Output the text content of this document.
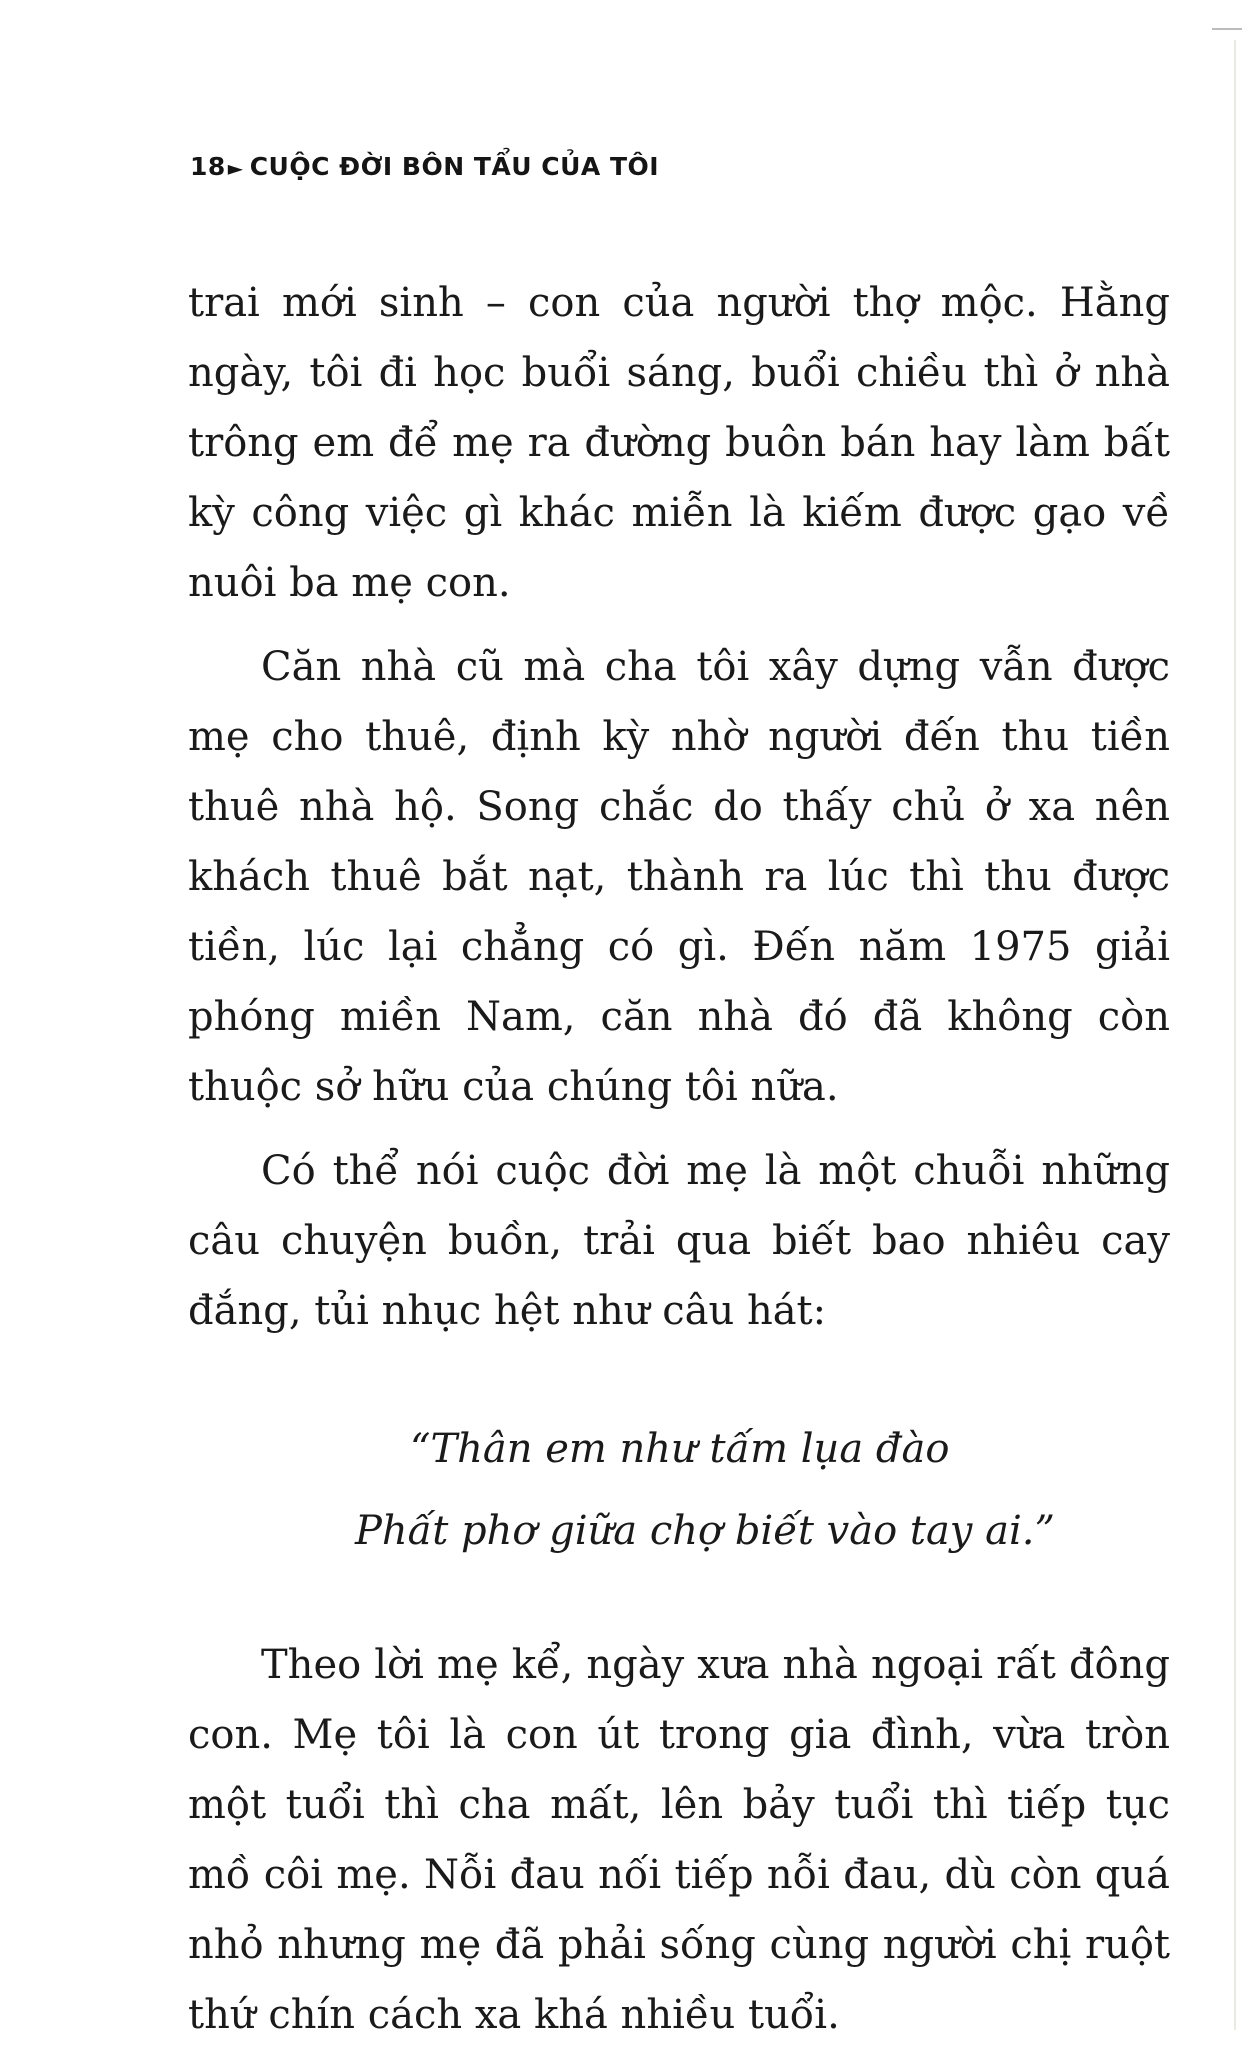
18 ► CUỘC ĐỜI BÔN TẨU CỦA TÔI

trai mới sinh – con của người thợ mộc. Hằng ngày, tôi đi học buổi sáng, buổi chiều thì ở nhà trông em để mẹ ra đường buôn bán hay làm bất kỳ công việc gì khác miễn là kiếm được gạo về nuôi ba mẹ con.

Căn nhà cũ mà cha tôi xây dựng vẫn được mẹ cho thuê, định kỳ nhờ người đến thu tiền thuê nhà hộ. Song chắc do thấy chủ ở xa nên khách thuê bắt nạt, thành ra lúc thì thu được tiền, lúc lại chẳng có gì. Đến năm 1975 giải phóng miền Nam, căn nhà đó đã không còn thuộc sở hữu của chúng tôi nữa.

Có thể nói cuộc đời mẹ là một chuỗi những câu chuyện buồn, trải qua biết bao nhiêu cay đắng, tủi nhục hệt như câu hát:

“Thân em như tấm lụa đào
Phất phơ giữa chợ biết vào tay ai.”

Theo lời mẹ kể, ngày xưa nhà ngoại rất đông con. Mẹ tôi là con út trong gia đình, vừa tròn một tuổi thì cha mất, lên bảy tuổi thì tiếp tục mồ côi mẹ. Nỗi đau nối tiếp nỗi đau, dù còn quá nhỏ nhưng mẹ đã phải sống cùng người chị ruột thứ chín cách xa khá nhiều tuổi.
